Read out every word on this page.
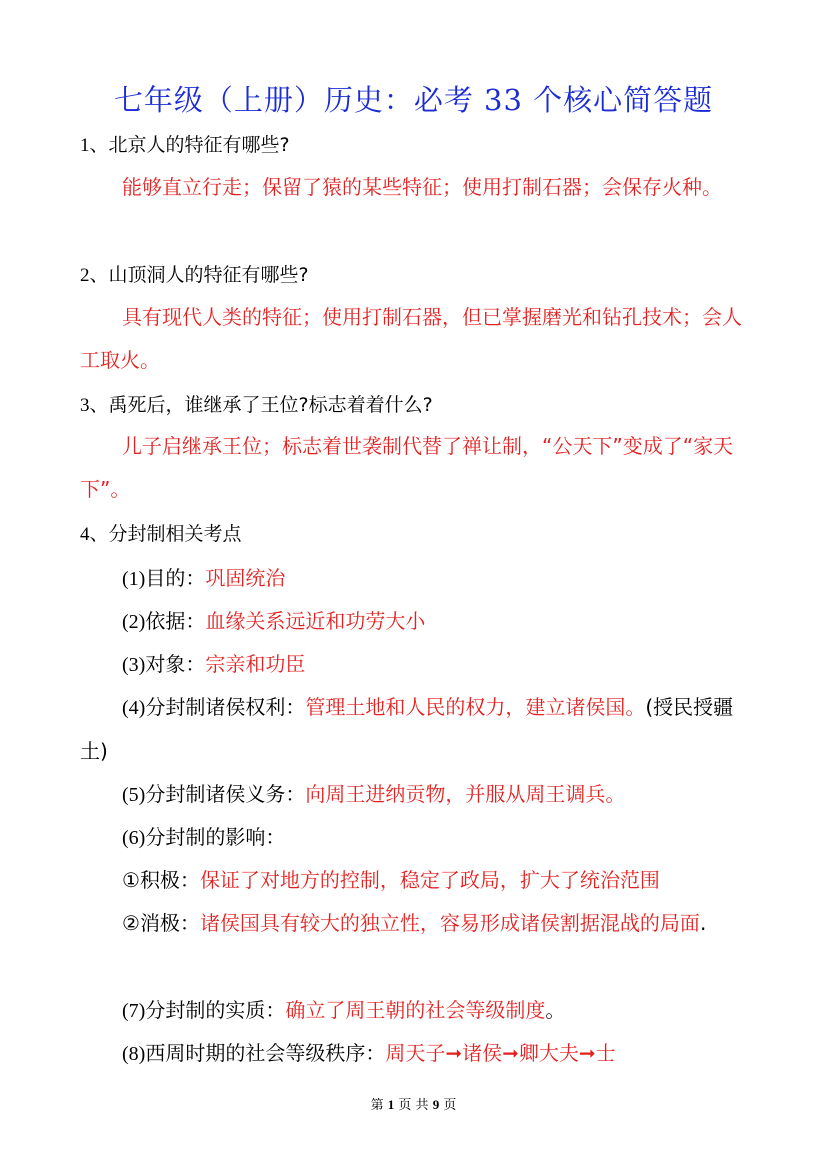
七年级（上册）历史：必考 33 个核心简答题
1、北京人的特征有哪些?
能够直立行走；保留了猿的某些特征；使用打制石器；会保存火种。
2、山顶洞人的特征有哪些?
具有现代人类的特征；使用打制石器，但已掌握磨光和钻孔技术；会人工取火。
3、禹死后，谁继承了王位?标志着着什么?
儿子启继承王位；标志着世袭制代替了禅让制，“公天下”变成了“家天下”。
4、分封制相关考点
(1)目的：巩固统治
(2)依据：血缘关系远近和功劳大小
(3)对象：宗亲和功臣
(4)分封制诸侯权利：管理土地和人民的权力，建立诸侯国。(授民授疆土)
(5)分封制诸侯义务：向周王进纳贡物，并服从周王调兵。
(6)分封制的影响：
①积极：保证了对地方的控制，稳定了政局，扩大了统治范围
②消极：诸侯国具有较大的独立性，容易形成诸侯割据混战的局面.
(7)分封制的实质：确立了周王朝的社会等级制度。
(8)西周时期的社会等级秩序：周天子➞诸侯➞卿大夫➞士
第 1 页 共 9 页
